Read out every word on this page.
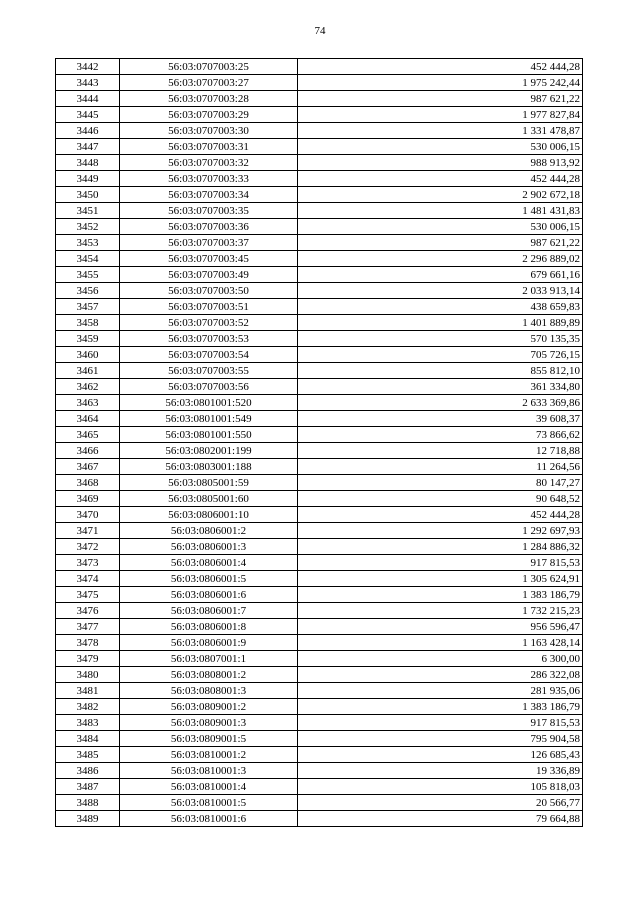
74
3442	56:03:0707003:25	452 444,28
3443	56:03:0707003:27	1 975 242,44
3444	56:03:0707003:28	987 621,22
3445	56:03:0707003:29	1 977 827,84
3446	56:03:0707003:30	1 331 478,87
3447	56:03:0707003:31	530 006,15
3448	56:03:0707003:32	988 913,92
3449	56:03:0707003:33	452 444,28
3450	56:03:0707003:34	2 902 672,18
3451	56:03:0707003:35	1 481 431,83
3452	56:03:0707003:36	530 006,15
3453	56:03:0707003:37	987 621,22
3454	56:03:0707003:45	2 296 889,02
3455	56:03:0707003:49	679 661,16
3456	56:03:0707003:50	2 033 913,14
3457	56:03:0707003:51	438 659,83
3458	56:03:0707003:52	1 401 889,89
3459	56:03:0707003:53	570 135,35
3460	56:03:0707003:54	705 726,15
3461	56:03:0707003:55	855 812,10
3462	56:03:0707003:56	361 334,80
3463	56:03:0801001:520	2 633 369,86
3464	56:03:0801001:549	39 608,37
3465	56:03:0801001:550	73 866,62
3466	56:03:0802001:199	12 718,88
3467	56:03:0803001:188	11 264,56
3468	56:03:0805001:59	80 147,27
3469	56:03:0805001:60	90 648,52
3470	56:03:0806001:10	452 444,28
3471	56:03:0806001:2	1 292 697,93
3472	56:03:0806001:3	1 284 886,32
3473	56:03:0806001:4	917 815,53
3474	56:03:0806001:5	1 305 624,91
3475	56:03:0806001:6	1 383 186,79
3476	56:03:0806001:7	1 732 215,23
3477	56:03:0806001:8	956 596,47
3478	56:03:0806001:9	1 163 428,14
3479	56:03:0807001:1	6 300,00
3480	56:03:0808001:2	286 322,08
3481	56:03:0808001:3	281 935,06
3482	56:03:0809001:2	1 383 186,79
3483	56:03:0809001:3	917 815,53
3484	56:03:0809001:5	795 904,58
3485	56:03:0810001:2	126 685,43
3486	56:03:0810001:3	19 336,89
3487	56:03:0810001:4	105 818,03
3488	56:03:0810001:5	20 566,77
3489	56:03:0810001:6	79 664,88
